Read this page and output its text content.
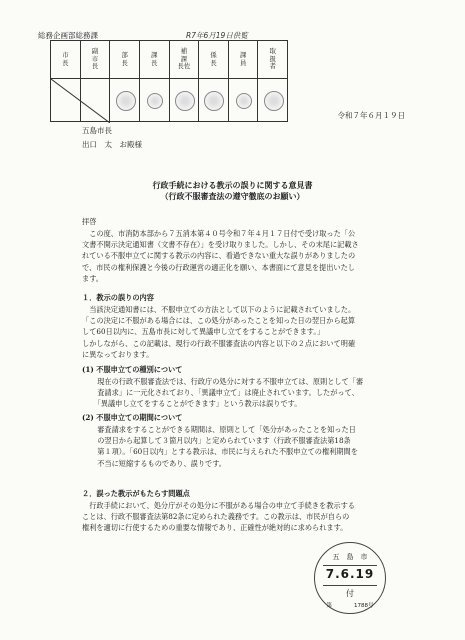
総務企画部総務課	R7年6月19日供覧
市
長
副
市
長
部
長
課
長
補
課
長佐
係
長
課
員
取
扱
者
令和７年６月１９日
五島市長
出口　太　お殿様
行政手続における教示の誤りに関する意見書
（行政不服審査法の遵守徹底のお願い）
拝啓
　この度、市消防本部から７五消本第４０号令和７年４月１７日付で受け取った「公
文書不開示決定通知書（文書不存在）」を受け取りました。しかし、その末尾に記載さ
れている不服申立てに関する教示の内容に、看過できない重大な誤りがありましたの
で、市民の権利保護と今後の行政運営の適正化を願い、本書面にて意見を提出いたし
ます。
１．教示の誤りの内容
　当該決定通知書には、不服申立ての方法として以下のように記載されていました。
「この決定に不服がある場合には、この処分があったことを知った日の翌日から起算
して60日以内に、五島市長に対して異議申し立てをすることができます。」
しかしながら、この記載は、現行の行政不服審査法の内容と以下の２点において明確
に異なっております。
(1) 不服申立ての種別について
　現在の行政不服審査法では、行政庁の処分に対する不服申立ては、原則として「審
　査請求」に一元化されており、「異議申立て」は廃止されています。したがって、
　「異議申し立てをすることができます」という教示は誤りです。
(2) 不服申立ての期間について
　審査請求をすることができる期間は、原則として「処分があったことを知った日
　の翌日から起算して３箇月以内」と定められています（行政不服審査法第18条
　第１項）。「60日以内」とする教示は、市民に与えられた不服申立ての権利期間を
　不当に短縮するものであり、誤りです。
２．誤った教示がもたらす問題点
　行政手続において、処分庁がその処分に不服がある場合の申立て手続きを教示する
ことは、行政不服審査法第82条に定められた義務です。この教示は、市民が自らの
権利を適切に行使するための重要な情報であり、正確性が絶対的に求められます。
五　島　市
7.6.19
付
第　　　　1788号
